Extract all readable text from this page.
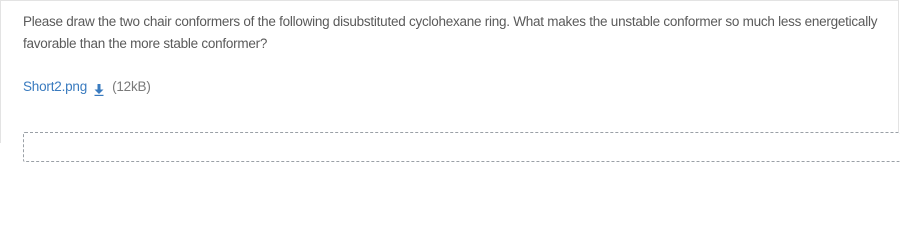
Please draw the two chair conformers of the following disubstituted cyclohexane ring. What makes the unstable conformer so much less energetically favorable than the more stable conformer?

Short2.png (12kB)
